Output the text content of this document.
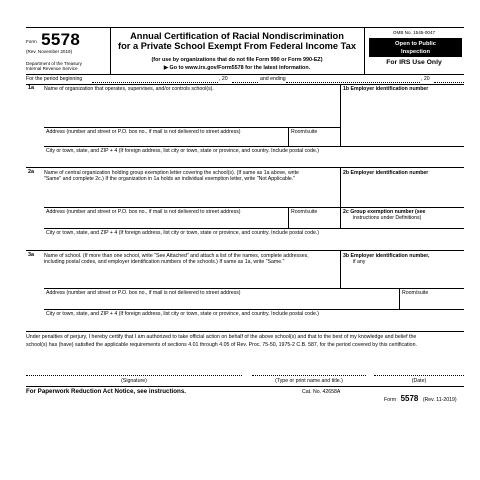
Form 5578
(Rev. November 2019)
Department of the Treasury
Internal Revenue Service
Annual Certification of Racial Nondiscrimination
for a Private School Exempt From Federal Income Tax
(for use by organizations that do not file Form 990 or Form 990-EZ)
▶ Go to www.irs.gov/Form5578 for the latest information.
OMB No. 1545-0047
Open to Public
Inspection
For IRS Use Only
For the period beginning	, 20	and ending	, 20
1a Name of organization that operates, supervises, and/or controls school(s).	1b Employer identification number
Address (number and street or P.O. box no., if mail is not delivered to street address)	Room/suite
City or town, state, and ZIP + 4 (If foreign address, list city or town, state or province, and country. Include postal code.)
2a Name of central organization holding group exemption letter covering the school(s). (If same as 1a above, write
"Same" and complete 2c.) If the organization in 1a holds an individual exemption letter, write "Not Applicable."
2b Employer identification number
Address (number and street or P.O. box no., if mail is not delivered to street address)	Room/suite	2c Group exemption number (see
instructions under Definitions)
City or town, state, and ZIP + 4 (If foreign address, list city or town, state or province, and country. Include postal code.)
3a Name of school. (If more than one school, write "See Attached" and attach a list of the names, complete addresses,
including postal codes, and employer identification numbers of the schools.) If same as 1a, write "Same."
3b Employer identification number,
if any
Address (number and street or P.O. box no., if mail is not delivered to street address)	Room/suite
City or town, state, and ZIP + 4 (If foreign address, list city or town, state or province, and country. Include postal code.)
Under penalties of perjury, I hereby certify that I am authorized to take official action on behalf of the above school(s) and that to the best of my knowledge and belief the
school(s) has (have) satisfied the applicable requirements of sections 4.01 through 4.05 of Rev. Proc. 75-50, 1975-2 C.B. 587, for the period covered by this certification.
(Signature)	(Type or print name and title.)	(Date)
For Paperwork Reduction Act Notice, see instructions.	Cat. No. 42658A
Form 5578 (Rev. 11-2019)
